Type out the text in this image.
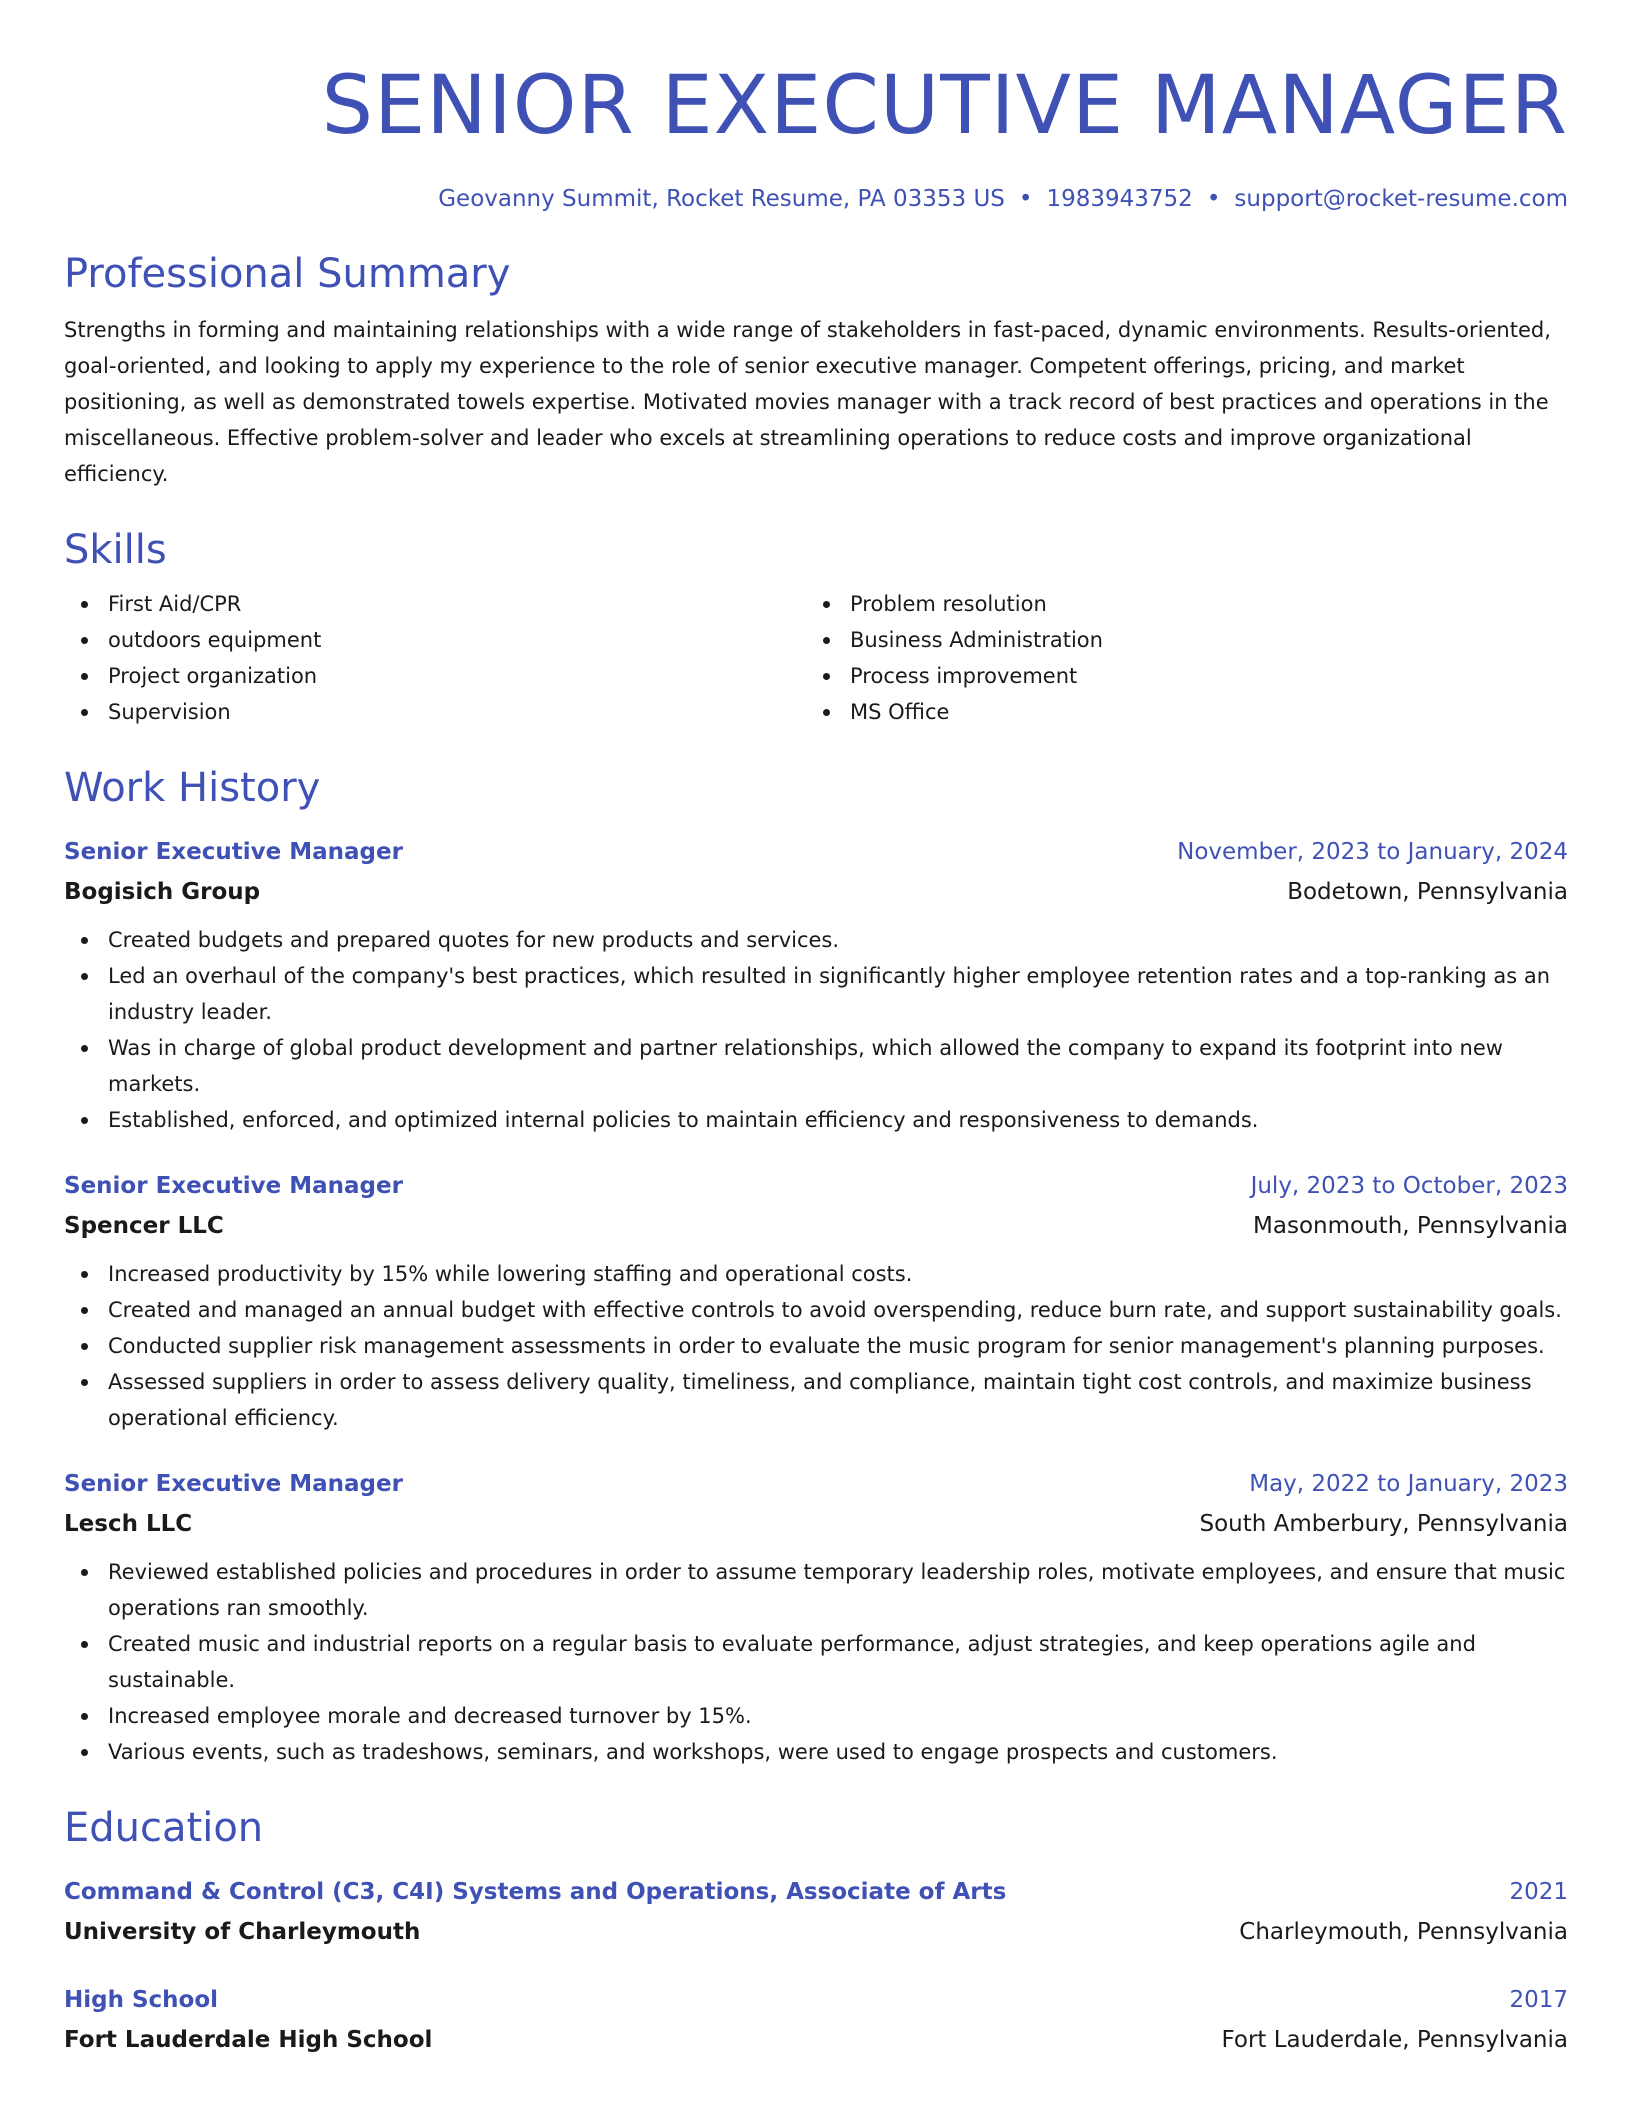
SENIOR EXECUTIVE MANAGER
Geovanny Summit, Rocket Resume, PA 03353 US • 1983943752 • support@rocket-resume.com
Professional Summary

Strengths in forming and maintaining relationships with a wide range of stakeholders in fast-paced, dynamic environments. Results-oriented, goal-oriented, and looking to apply my experience to the role of senior executive manager. Competent offerings, pricing, and market positioning, as well as demonstrated towels expertise. Motivated movies manager with a track record of best practices and operations in the miscellaneous. Effective problem-solver and leader who excels at streamlining operations to reduce costs and improve organizational efficiency.

Skills
First Aid/CPR
outdoors equipment
Project organization
Supervision
Problem resolution
Business Administration
Process improvement
MS Office
Work History
Senior Executive Manager	November, 2023 to January, 2024
Bogisich Group	Bodetown, Pennsylvania
Created budgets and prepared quotes for new products and services.
Led an overhaul of the company's best practices, which resulted in significantly higher employee retention rates and a top-ranking as an industry leader.
Was in charge of global product development and partner relationships, which allowed the company to expand its footprint into new markets.
Established, enforced, and optimized internal policies to maintain efficiency and responsiveness to demands.
Senior Executive Manager	July, 2023 to October, 2023
Spencer LLC	Masonmouth, Pennsylvania
Increased productivity by 15% while lowering staffing and operational costs.
Created and managed an annual budget with effective controls to avoid overspending, reduce burn rate, and support sustainability goals.
Conducted supplier risk management assessments in order to evaluate the music program for senior management's planning purposes.
Assessed suppliers in order to assess delivery quality, timeliness, and compliance, maintain tight cost controls, and maximize business operational efficiency.
Senior Executive Manager	May, 2022 to January, 2023
Lesch LLC	South Amberbury, Pennsylvania
Reviewed established policies and procedures in order to assume temporary leadership roles, motivate employees, and ensure that music operations ran smoothly.
Created music and industrial reports on a regular basis to evaluate performance, adjust strategies, and keep operations agile and sustainable.
Increased employee morale and decreased turnover by 15%.
Various events, such as tradeshows, seminars, and workshops, were used to engage prospects and customers.
Education
Command & Control (C3, C4I) Systems and Operations, Associate of Arts	2021
University of Charleymouth	Charleymouth, Pennsylvania
High School	2017
Fort Lauderdale High School	Fort Lauderdale, Pennsylvania
